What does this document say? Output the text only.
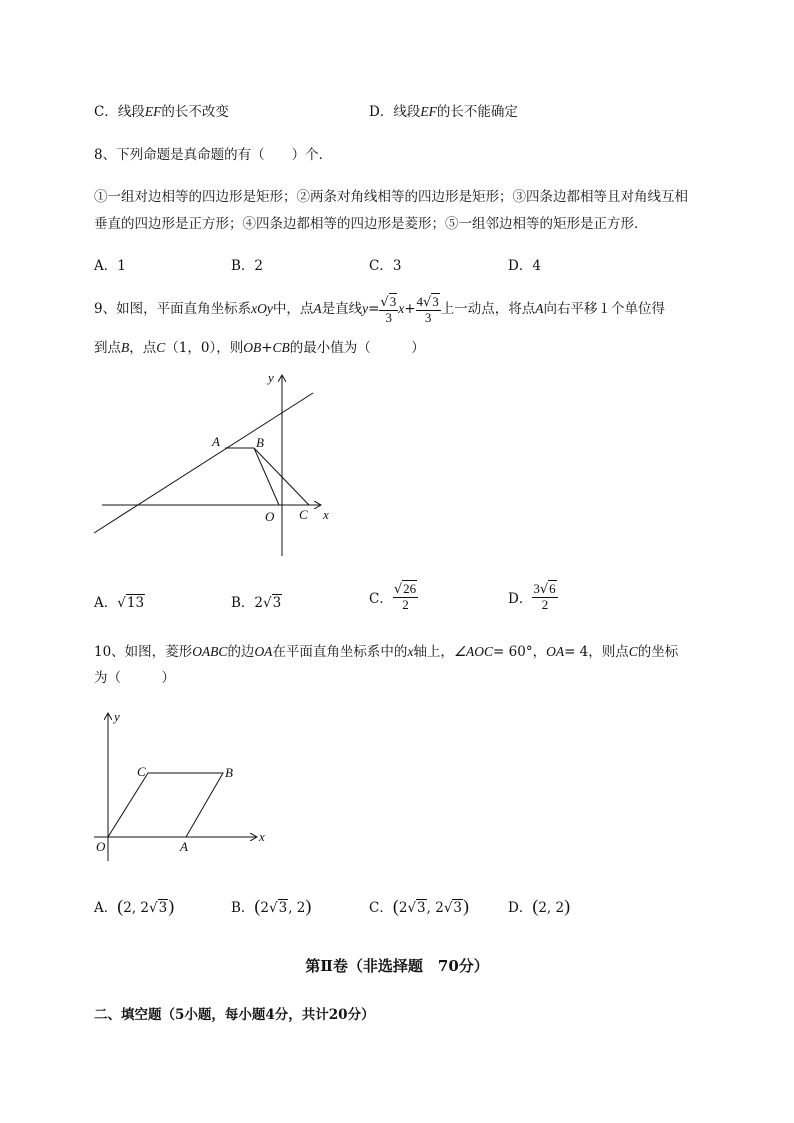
C．线段EF的长不改变	D．线段EF的长不能确定
8、下列命题是真命题的有（　　）个．
①一组对边相等的四边形是矩形；②两条对角线相等的四边形是矩形；③四条边都相等且对角线互相
垂直的四边形是正方形；④四条边都相等的四边形是菱形；⑤一组邻边相等的矩形是正方形．
A．1	B．2	C．3	D．4
9、如图，平面直角坐标系xOy中，点A是直线$y= \frac{√3}{3} x+ \frac{4√3}{3}$ 上一动点，将点A向右平移１个单位得
到点B，点C（1，0），则OB+CB的最小值为（　　　）
y
x
A	B
O C
A．√13	B．2√3	C． $\frac{√26}{2}$	D． $\frac{3√6}{2}$
10、如图，菱形OABC的边OA在平面直角坐标系中的x轴上，∠AOC= 60°，OA= 4，则点C的坐标
为（　　　）
y
x
C	B
O	A
A．(2, 2√3)	B．(2√3, 2)	C．(2√3, 2√3)	D．(2, 2)
第Ⅱ卷（非选择题　70分）
二、填空题（5小题，每小题4分，共计20分）
